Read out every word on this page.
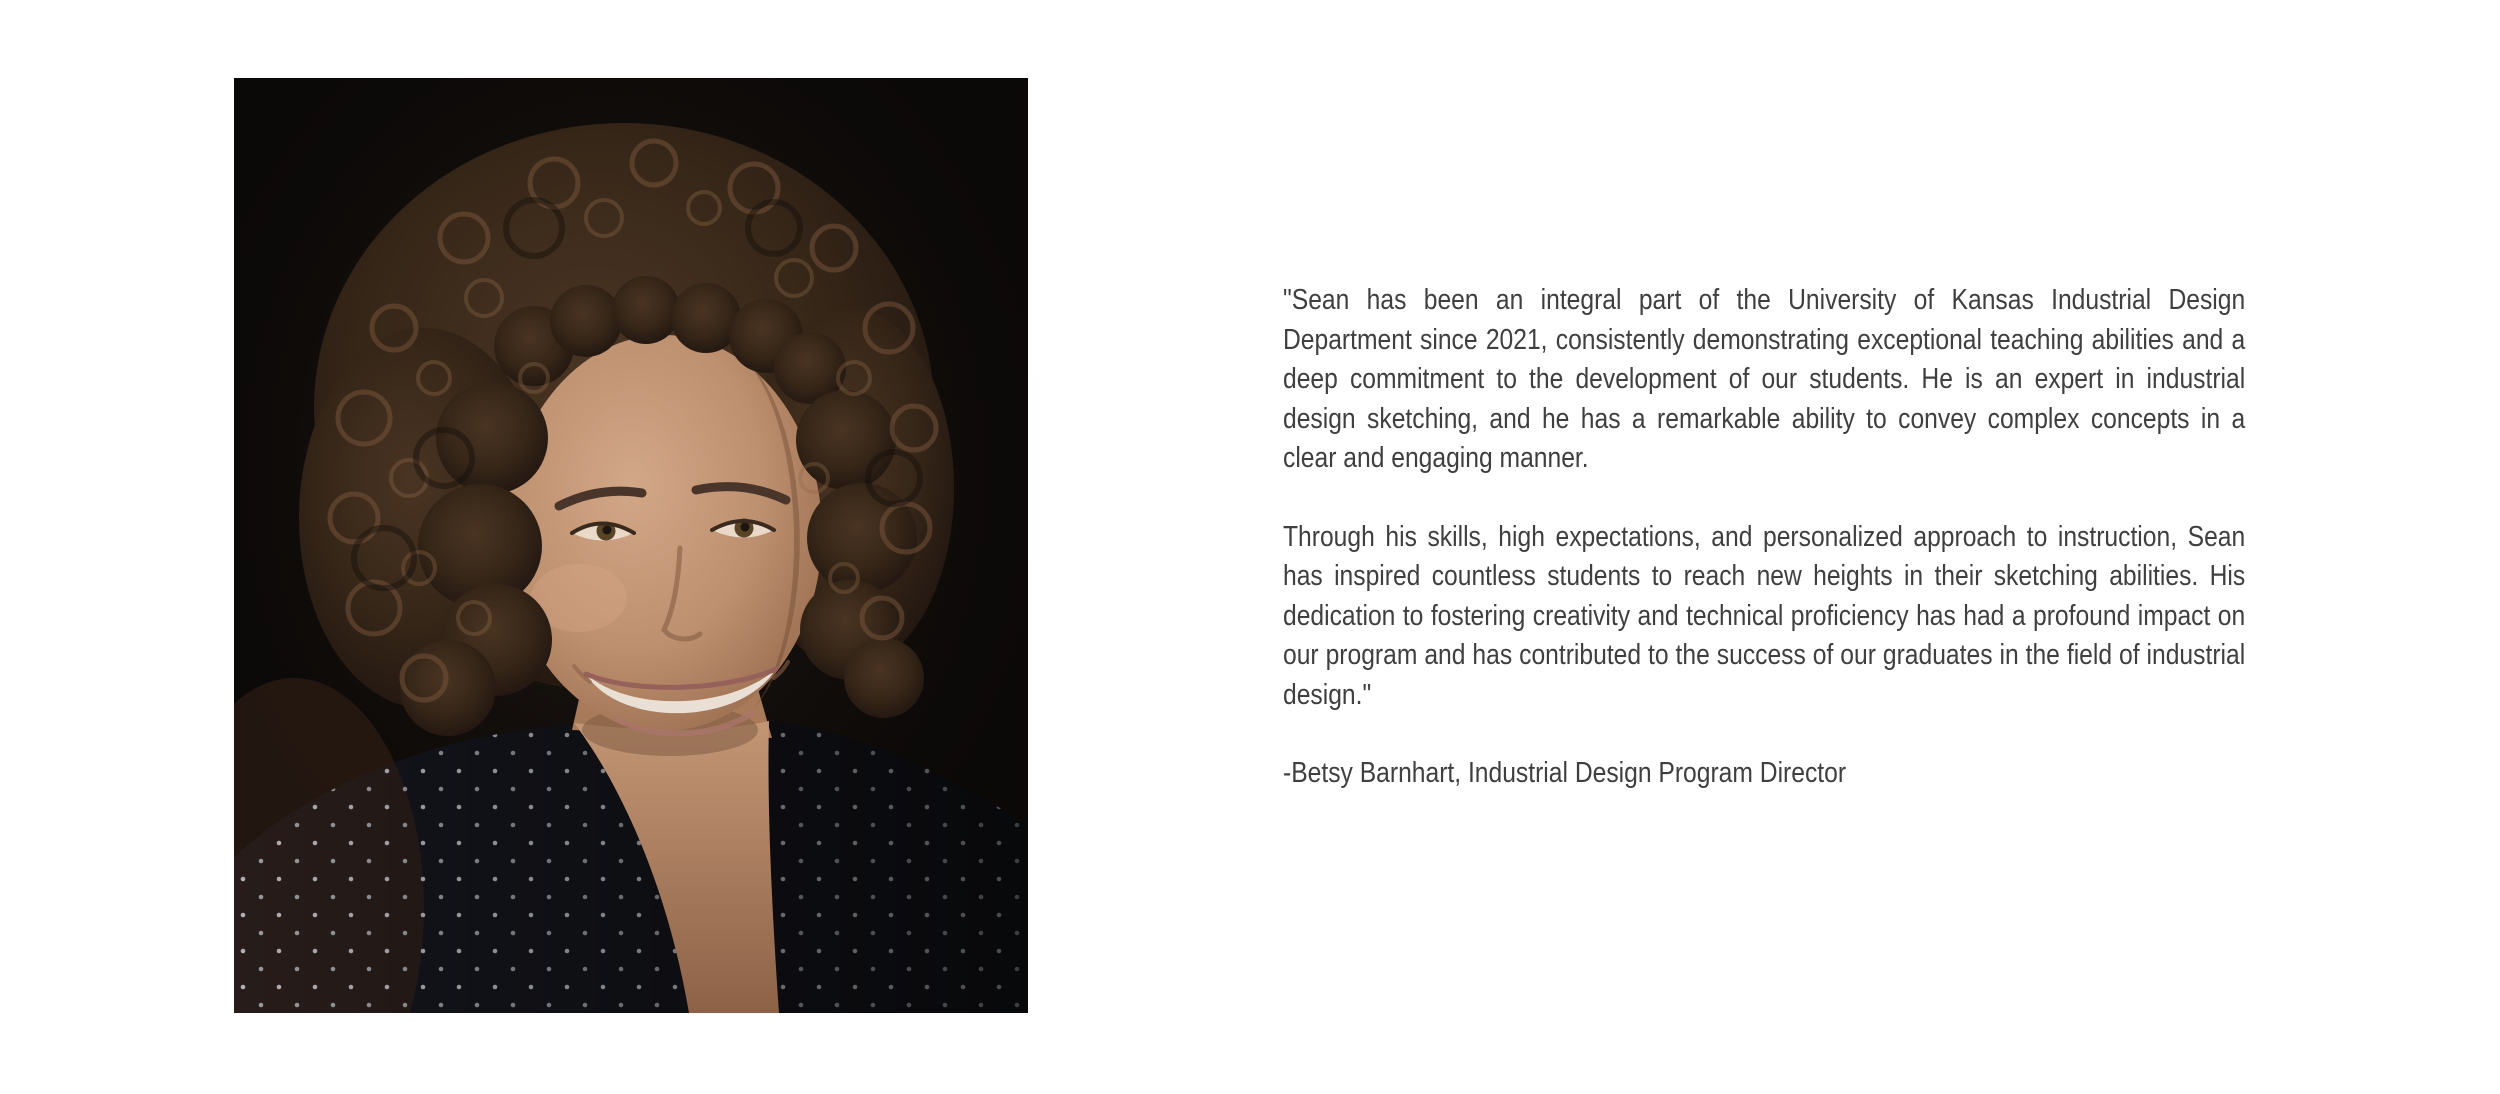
"Sean has been an integral part of the University of Kansas Industrial Design Department since 2021, consistently demonstrating exceptional teaching abilities and a deep commitment to the development of our students. He is an expert in industrial design sketching, and he has a remarkable ability to convey complex concepts in a clear and engaging manner.

Through his skills, high expectations, and personalized approach to instruction, Sean has inspired countless students to reach new heights in their sketching abilities. His dedication to fostering creativity and technical proficiency has had a profound impact on our program and has contributed to the success of our graduates in the field of industrial design."

-Betsy Barnhart, Industrial Design Program Director
